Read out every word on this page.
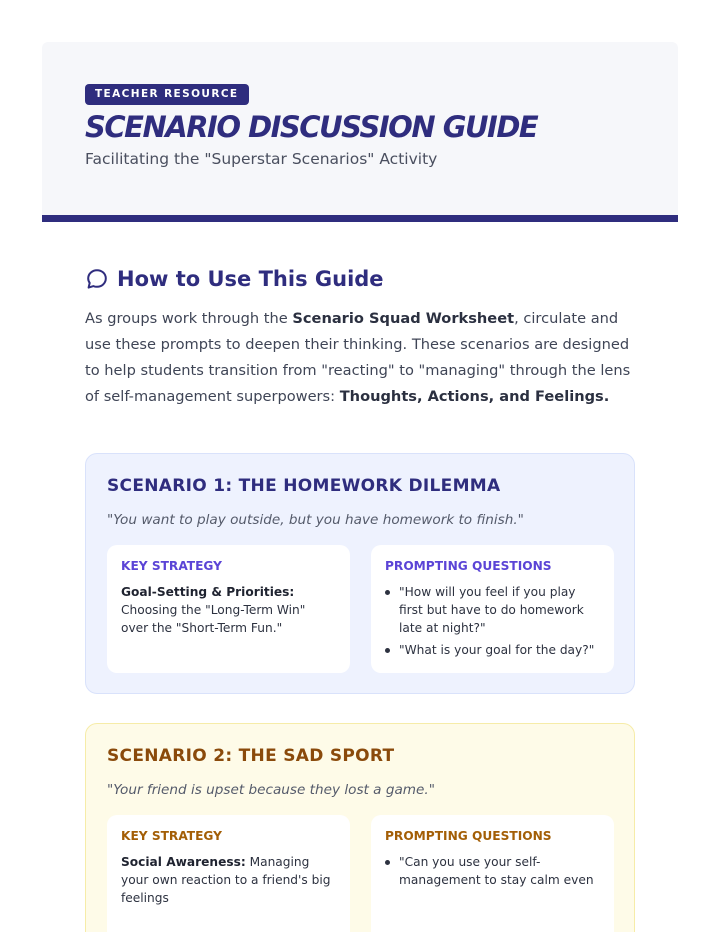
TEACHER RESOURCE
SCENARIO DISCUSSION GUIDE
Facilitating the "Superstar Scenarios" Activity
How to Use This Guide

As groups work through the Scenario Squad Worksheet, circulate and use these prompts to deepen their thinking. These scenarios are designed to help students transition from "reacting" to "managing" through the lens of self-management superpowers: Thoughts, Actions, and Feelings.

SCENARIO 1: THE HOMEWORK DILEMMA
"You want to play outside, but you have homework to finish."
KEY STRATEGY
Goal-Setting & Priorities: Choosing the "Long-Term Win" over the "Short-Term Fun."
PROMPTING QUESTIONS
"How will you feel if you play first but have to do homework late at night?"
"What is your goal for the day?"
SCENARIO 2: THE SAD SPORT
"Your friend is upset because they lost a game."
KEY STRATEGY
Social Awareness: Managing your own reaction to a friend's big feelings
PROMPTING QUESTIONS
"Can you use your self-management to stay calm even
